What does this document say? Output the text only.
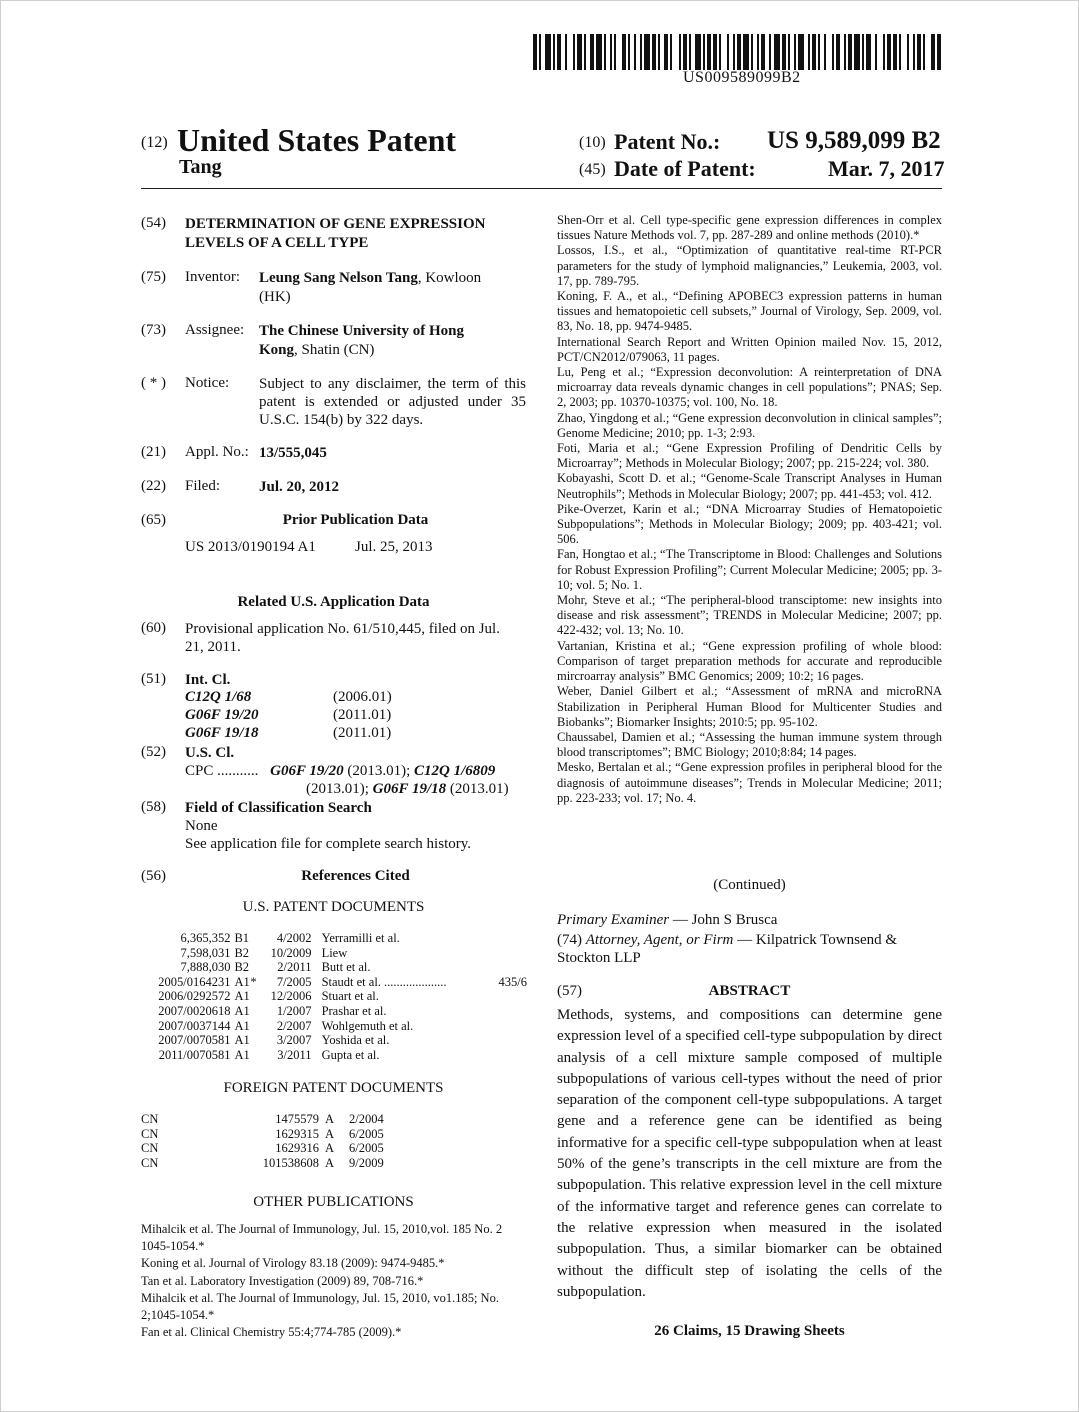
US009589099B2
(12) United States Patent
Tang
(10) Patent No.: US 9,589,099 B2
(45) Date of Patent:	Mar. 7, 2017
(54) DETERMINATION OF GENE EXPRESSION
LEVELS OF A CELL TYPE
(75) Inventor: Leung Sang Nelson Tang, Kowloon
(HK)
(73) Assignee: The Chinese University of Hong
Kong, Shatin (CN)
( * ) Notice: Subject to any disclaimer, the term of this patent is extended or adjusted under 35 U.S.C. 154(b) by 322 days.
(21) Appl. No.: 13/555,045
(22) Filed:	Jul. 20, 2012
(65)	Prior Publication Data
US 2013/0190194 A1	Jul. 25, 2013
Related U.S. Application Data
(60) Provisional application No. 61/510,445, filed on Jul.
21, 2011.
(51) Int. Cl.
C12Q 1/68	(2006.01)
G06F 19/20	(2011.01)
G06F 19/18	(2011.01)
(52) U.S. Cl.
CPC ........... G06F 19/20 (2013.01); C12Q 1/6809
(2013.01); G06F 19/18 (2013.01)
(58) Field of Classification Search
None
See application file for complete search history.
(56)	References Cited
U.S. PATENT DOCUMENTS
6,365,352	B1		4/2002	Yerramilli et al.	
7,598,031	B2		10/2009	Liew	
7,888,030	B2		2/2011	Butt et al.	
2005/0164231	A1	*	7/2005	Staudt et al. ....................	435/6
2006/0292572	A1		12/2006	Stuart et al.	
2007/0020618	A1		1/2007	Prashar et al.	
2007/0037144	A1		2/2007	Wohlgemuth et al.	
2007/0070581	A1		3/2007	Yoshida et al.	
2011/0070581	A1		3/2011	Gupta et al.	
FOREIGN PATENT DOCUMENTS
CN	1475579	A	2/2004
CN	1629315	A	6/2005
CN	1629316	A	6/2005
CN	101538608	A	9/2009
OTHER PUBLICATIONS
Mihalcik et al. The Journal of Immunology, Jul. 15, 2010,vol. 185 No. 2 1045-1054.*
Koning et al. Journal of Virology 83.18 (2009): 9474-9485.*
Tan et al. Laboratory Investigation (2009) 89, 708-716.*
Mihalcik et al. The Journal of Immunology, Jul. 15, 2010, vo1.185; No. 2;1045-1054.*
Fan et al. Clinical Chemistry 55:4;774-785 (2009).*
Shen-Orr et al. Cell type-specific gene expression differences in complex tissues Nature Methods vol. 7, pp. 287-289 and online methods (2010).*
Lossos, I.S., et al., “Optimization of quantitative real-time RT-PCR parameters for the study of lymphoid malignancies,” Leukemia, 2003, vol. 17, pp. 789-795.
Koning, F. A., et al., “Defining APOBEC3 expression patterns in human tissues and hematopoietic cell subsets,” Journal of Virology, Sep. 2009, vol. 83, No. 18, pp. 9474-9485.
International Search Report and Written Opinion mailed Nov. 15, 2012, PCT/CN2012/079063, 11 pages.
Lu, Peng et al.; “Expression deconvolution: A reinterpretation of DNA microarray data reveals dynamic changes in cell populations”; PNAS; Sep. 2, 2003; pp. 10370-10375; vol. 100, No. 18.
Zhao, Yingdong et al.; “Gene expression deconvolution in clinical samples”; Genome Medicine; 2010; pp. 1-3; 2:93.
Foti, Maria et al.; “Gene Expression Profiling of Dendritic Cells by Microarray”; Methods in Molecular Biology; 2007; pp. 215-224; vol. 380.
Kobayashi, Scott D. et al.; “Genome-Scale Transcript Analyses in Human Neutrophils”; Methods in Molecular Biology; 2007; pp. 441-453; vol. 412.
Pike-Overzet, Karin et al.; “DNA Microarray Studies of Hematopoietic Subpopulations”; Methods in Molecular Biology; 2009; pp. 403-421; vol. 506.
Fan, Hongtao et al.; “The Transcriptome in Blood: Challenges and Solutions for Robust Expression Profiling”; Current Molecular Medicine; 2005; pp. 3-10; vol. 5; No. 1.
Mohr, Steve et al.; “The peripheral-blood transciptome: new insights into disease and risk assessment”; TRENDS in Molecular Medicine; 2007; pp. 422-432; vol. 13; No. 10.
Vartanian, Kristina et al.; “Gene expression profiling of whole blood: Comparison of target preparation methods for accurate and reproducible mircroarray analysis” BMC Genomics; 2009; 10:2; 16 pages.
Weber, Daniel Gilbert et al.; “Assessment of mRNA and microRNA Stabilization in Peripheral Human Blood for Multicenter Studies and Biobanks”; Biomarker Insights; 2010:5; pp. 95-102.
Chaussabel, Damien et al.; “Assessing the human immune system through blood transcriptomes”; BMC Biology; 2010;8:84; 14 pages.
Mesko, Bertalan et al.; “Gene expression profiles in peripheral blood for the diagnosis of autoimmune diseases”; Trends in Molecular Medicine; 2011; pp. 223-233; vol. 17; No. 4.
(Continued)
Primary Examiner — John S Brusca
(74) Attorney, Agent, or Firm — Kilpatrick Townsend &
Stockton LLP
(57)	ABSTRACT
Methods, systems, and compositions can determine gene expression level of a specified cell-type subpopulation by direct analysis of a cell mixture sample composed of multiple subpopulations of various cell-types without the need of prior separation of the component cell-type subpopulations. A target gene and a reference gene can be identified as being informative for a specific cell-type subpopulation when at least 50% of the gene’s transcripts in the cell mixture are from the subpopulation. This relative expression level in the cell mixture of the informative target and reference genes can correlate to the relative expression when measured in the isolated subpopulation. Thus, a similar biomarker can be obtained without the difficult step of isolating the cells of the subpopulation.
26 Claims, 15 Drawing Sheets
